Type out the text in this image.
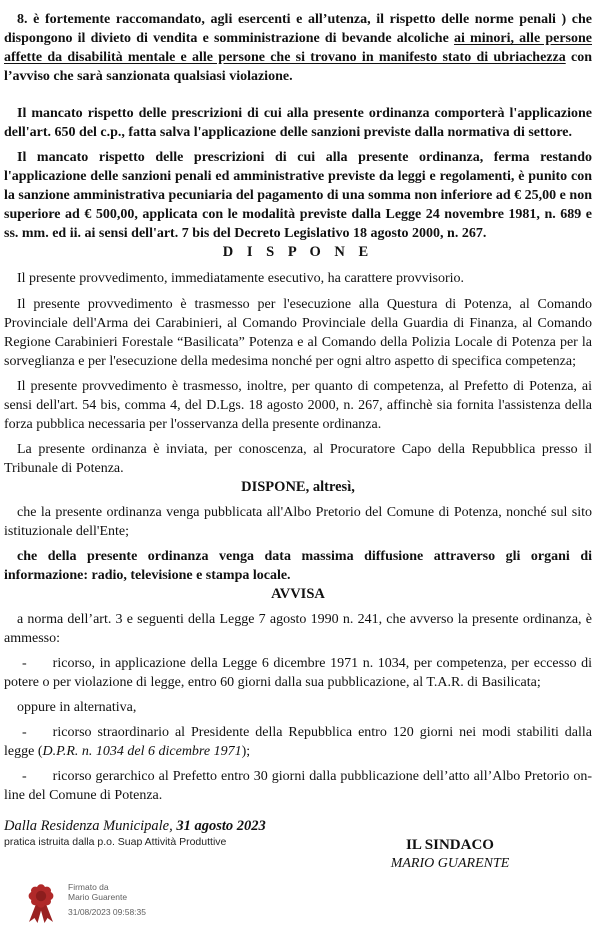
8. è fortemente raccomandato, agli esercenti e all’utenza, il rispetto delle norme penali ) che dispongono il divieto di vendita e somministrazione di bevande alcoliche ai minori, alle persone affette da disabilità mentale e alle persone che si trovano in manifesto stato di ubriachezza con l’avviso che sarà sanzionata qualsiasi violazione.

Il mancato rispetto delle prescrizioni di cui alla presente ordinanza comporterà l'applicazione dell'art. 650 del c.p., fatta salva l'applicazione delle sanzioni previste dalla normativa di settore.

Il mancato rispetto delle prescrizioni di cui alla presente ordinanza, ferma restando l'applicazione delle sanzioni penali ed amministrative previste da leggi e regolamenti, è punito con la sanzione amministrativa pecuniaria del pagamento di una somma non inferiore ad € 25,00 e non superiore ad € 500,00, applicata con le modalità previste dalla Legge 24 novembre 1981, n. 689 e ss. mm. ed ii. ai sensi dell'art. 7 bis del Decreto Legislativo 18 agosto 2000, n. 267.

D I S P O N E

Il presente provvedimento, immediatamente esecutivo, ha carattere provvisorio.

Il presente provvedimento è trasmesso per l'esecuzione alla Questura di Potenza, al Comando Provinciale dell'Arma dei Carabinieri, al Comando Provinciale della Guardia di Finanza, al Comando Regione Carabinieri Forestale “Basilicata” Potenza e al Comando della Polizia Locale di Potenza per la sorveglianza e per l'esecuzione della medesima nonché per ogni altro aspetto di specifica competenza;

Il presente provvedimento è trasmesso, inoltre, per quanto di competenza, al Prefetto di Potenza, ai sensi dell'art. 54 bis, comma 4, del D.Lgs. 18 agosto 2000, n. 267, affinchè sia fornita l'assistenza della forza pubblica necessaria per l'osservanza della presente ordinanza.

La presente ordinanza è inviata, per conoscenza, al Procuratore Capo della Repubblica presso il Tribunale di Potenza.

DISPONE, altresì,

che la presente ordinanza venga pubblicata all'Albo Pretorio del Comune di Potenza, nonché sul sito istituzionale dell'Ente;

che della presente ordinanza venga data massima diffusione attraverso gli organi di informazione: radio, televisione e stampa locale.

AVVISA

a norma dell’art. 3 e seguenti della Legge 7 agosto 1990 n. 241, che avverso la presente ordinanza, è ammesso:

- ricorso, in applicazione della Legge 6 dicembre 1971 n. 1034, per competenza, per eccesso di potere o per violazione di legge, entro 60 giorni dalla sua pubblicazione, al T.A.R. di Basilicata;

oppure in alternativa,

- ricorso straordinario al Presidente della Repubblica entro 120 giorni nei modi stabiliti dalla legge (D.P.R. n. 1034 del 6 dicembre 1971);

- ricorso gerarchico al Prefetto entro 30 giorni dalla pubblicazione dell’atto all’Albo Pretorio on-line del Comune di Potenza.

Dalla Residenza Municipale, 31 agosto 2023

pratica istruita dalla p.o. Suap Attività Produttive	IL SINDACO
MARIO GUARENTE
Firmato da
Mario Guarente
31/08/2023 09:58:35
